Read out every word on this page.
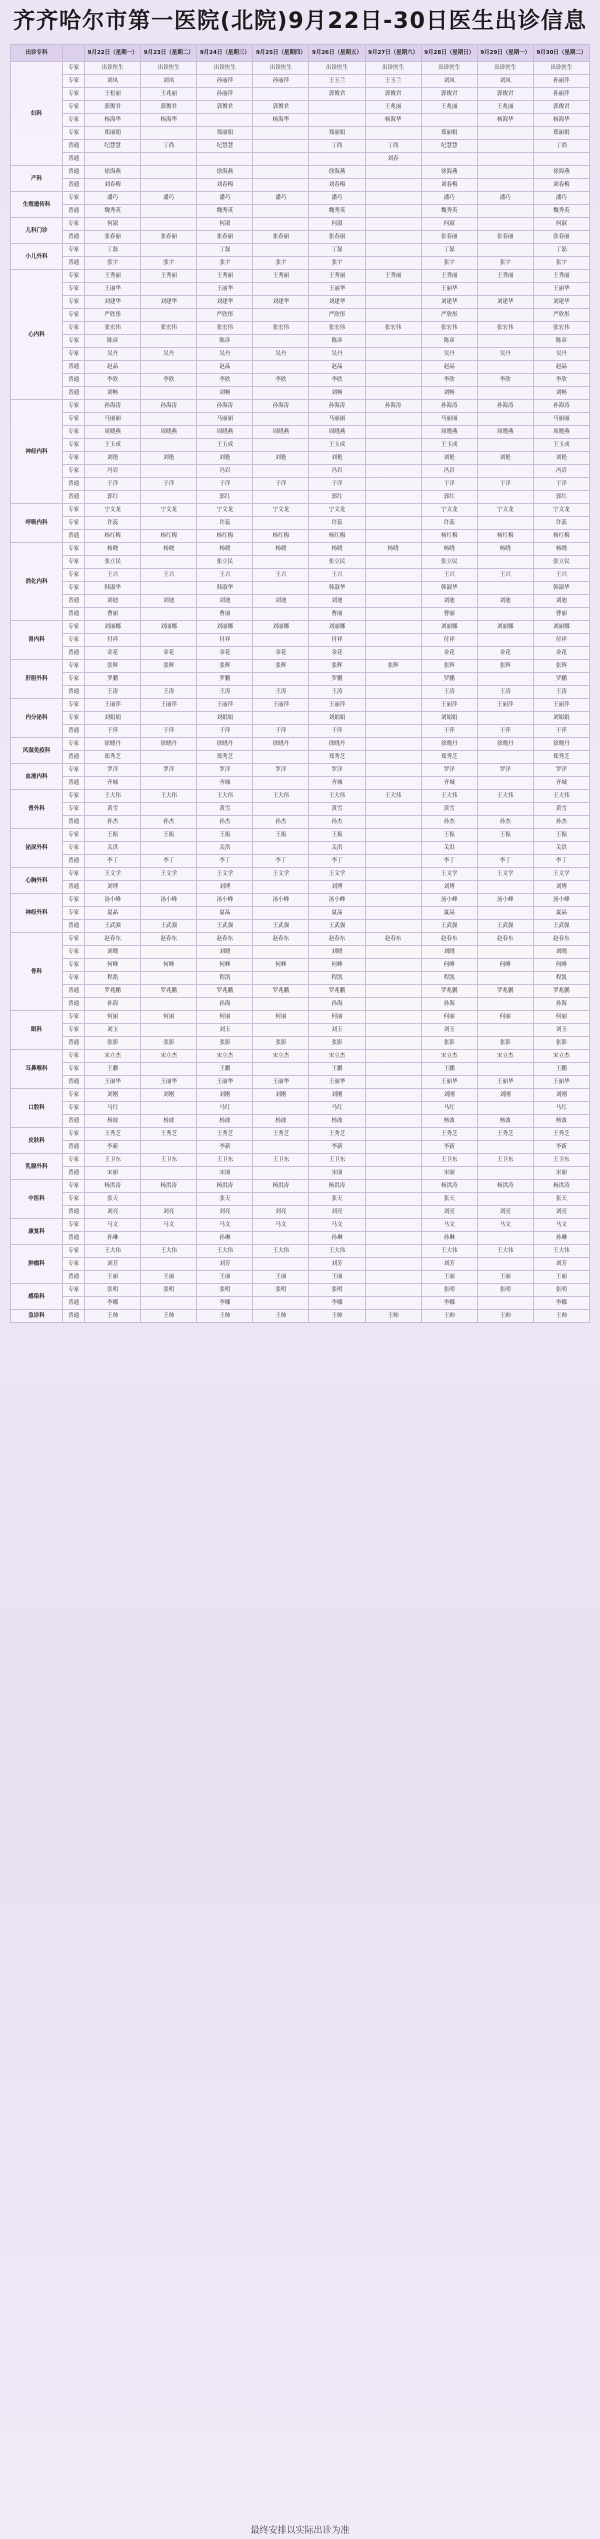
齐齐哈尔市第一医院(北院)9月22日-30日医生出诊信息
出诊专科		9月22日（星期一）	9月23日（星期二）	9月24日（星期三）	9月25日（星期四）	9月26日（星期五）	9月27日（星期六）	9月28日（星期日）	9月29日（星期一）	9月30日（星期二）
妇科	专家	出诊医生	出诊医生	出诊医生	出诊医生	出诊医生	出诊医生	出诊医生	出诊医生	出诊医生
	专家	刘凤	刘凤	孙丽萍	孙丽萍	王玉兰	王玉兰	刘凤	刘凤	孙丽萍
	专家	王松丽	王兆丽	孙丽萍		郭俊君	郭俊君	郭俊君	郭俊君	孙丽萍
	专家	郭俊君	郭俊君	郭俊君	郭俊君		王兆丽	王兆丽	王兆丽	郭俊君
	专家	杨海华	杨海华		杨海华		杨海华		杨海华	杨海华
	专家	郑丽娟		郑丽娟		郑丽娟		郑丽娟		郑丽娟
	普通	纪慧慧	丁尚	纪慧慧		丁尚	丁尚	纪慧慧		丁尚
	普通						刘春			
产科	普通	徐海燕		徐海燕		徐海燕		徐海燕		徐海燕
	普通	刘春梅		刘春梅		刘春梅		刘春梅		刘春梅
生殖遗传科	专家	潘巧	潘巧	潘巧	潘巧	潘巧		潘巧	潘巧	潘巧
	普通	魏秀英		魏秀英		魏秀英		魏秀英		魏秀英
儿科门诊	专家	何淑		何淑		何淑		何淑		何淑
	普通	张春丽	张春丽	张春丽	张春丽	张春丽		张春丽	张春丽	张春丽
小儿外科	专家	丁磊		丁磊		丁磊		丁磊		丁磊
	普通	张宇	张宇	张宇	张宇	张宇		张宇	张宇	张宇
心内科	专家	王秀丽	王秀丽	王秀丽	王秀丽	王秀丽	王秀丽	王秀丽	王秀丽	王秀丽
	专家	王丽华		王丽华		王丽华		王丽华		王丽华
	专家	刘建华	刘建华	刘建华	刘建华	刘建华		刘建华	刘建华	刘建华
	专家	严欣彤		严欣彤		严欣彤		严欣彤		严欣彤
	专家	张宏伟	张宏伟	张宏伟	张宏伟	张宏伟	张宏伟	张宏伟	张宏伟	张宏伟
	专家	陈彦		陈彦		陈彦		陈彦		陈彦
	专家	吴丹	吴丹	吴丹	吴丹	吴丹		吴丹	吴丹	吴丹
	普通	赵晶		赵晶		赵晶		赵晶		赵晶
	普通	李欣	李欣	李欣	李欣	李欣		李欣	李欣	李欣
	普通	刘畅		刘畅		刘畅		刘畅		刘畅
神经内科	专家	孙海涛	孙海涛	孙海涛	孙海涛	孙海涛	孙海涛	孙海涛	孙海涛	孙海涛
	专家	马丽丽		马丽丽		马丽丽		马丽丽		马丽丽
	专家	周晓燕	周晓燕	周晓燕	周晓燕	周晓燕		周晓燕	周晓燕	周晓燕
	专家	王玉成		王玉成		王玉成		王玉成		王玉成
	专家	刘艳	刘艳	刘艳	刘艳	刘艳		刘艳	刘艳	刘艳
	专家	冯岩		冯岩		冯岩		冯岩		冯岩
	普通	于洋	于洋	于洋	于洋	于洋		于洋	于洋	于洋
	普通	郭红		郭红		郭红		郭红		郭红
呼吸内科	专家	宁文龙	宁文龙	宁文龙	宁文龙	宁文龙		宁文龙	宁文龙	宁文龙
	专家	许蕊		许蕊		许蕊		许蕊		许蕊
	普通	杨红梅	杨红梅	杨红梅	杨红梅	杨红梅		杨红梅	杨红梅	杨红梅
消化内科	专家	杨晓	杨晓	杨晓	杨晓	杨晓	杨晓	杨晓	杨晓	杨晓
	专家	张立民		张立民		张立民		张立民		张立民
	专家	王兴	王兴	王兴	王兴	王兴		王兴	王兴	王兴
	专家	韩淑华		韩淑华		韩淑华		韩淑华		韩淑华
	普通	刘迪	刘迪	刘迪	刘迪	刘迪		刘迪	刘迪	刘迪
	普通	曹丽		曹丽		曹丽		曹丽		曹丽
肾内科	专家	刘丽娜	刘丽娜	刘丽娜	刘丽娜	刘丽娜		刘丽娜	刘丽娜	刘丽娜
	专家	付祥		付祥		付祥		付祥		付祥
	普通	金花	金花	金花	金花	金花		金花	金花	金花
肝胆外科	专家	张辉	张辉	张辉	张辉	张辉	张辉	张辉	张辉	张辉
	专家	罗鹏		罗鹏		罗鹏		罗鹏		罗鹏
	普通	王涛	王涛	王涛	王涛	王涛		王涛	王涛	王涛
内分泌科	专家	王丽萍	王丽萍	王丽萍	王丽萍	王丽萍		王丽萍	王丽萍	王丽萍
	专家	刘娟娟		刘娟娟		刘娟娟		刘娟娟		刘娟娟
	普通	于萍	于萍	于萍	于萍	于萍		于萍	于萍	于萍
风湿免疫科	专家	徐晓丹	徐晓丹	徐晓丹	徐晓丹	徐晓丹		徐晓丹	徐晓丹	徐晓丹
	普通	郑秀芝		郑秀芝		郑秀芝		郑秀芝		郑秀芝
血液内科	专家	罗洋	罗洋	罗洋	罗洋	罗洋		罗洋	罗洋	罗洋
	普通	齐城		齐城		齐城		齐城		齐城
普外科	专家	王大伟	王大伟	王大伟	王大伟	王大伟	王大伟	王大伟	王大伟	王大伟
	专家	黄雪		黄雪		黄雪		黄雪		黄雪
	普通	孙杰	孙杰	孙杰	孙杰	孙杰		孙杰	孙杰	孙杰
泌尿外科	专家	王振	王振	王振	王振	王振		王振	王振	王振
	专家	关洪		关洪		关洪		关洪		关洪
	普通	李丁	李丁	李丁	李丁	李丁		李丁	李丁	李丁
心胸外科	专家	王文学	王文学	王文学	王文学	王文学		王文学	王文学	王文学
	普通	刘博		刘博		刘博		刘博		刘博
神经外科	专家	汤小峰	汤小峰	汤小峰	汤小峰	汤小峰		汤小峰	汤小峰	汤小峰
	专家	夏晶		夏晶		夏晶		夏晶		夏晶
	普通	王武强	王武强	王武强	王武强	王武强		王武强	王武强	王武强
骨科	专家	赵春东	赵春东	赵春东	赵春东	赵春东	赵春东	赵春东	赵春东	赵春东
	专家	刘晓		刘晓		刘晓		刘晓		刘晓
	专家	何峰	何峰	何峰	何峰	何峰		何峰	何峰	何峰
	专家	程凯		程凯		程凯		程凯		程凯
	普通	罗兆鹏	罗兆鹏	罗兆鹏	罗兆鹏	罗兆鹏		罗兆鹏	罗兆鹏	罗兆鹏
	普通	孙海		孙海		孙海		孙海		孙海
眼科	专家	何丽	何丽	何丽	何丽	何丽		何丽	何丽	何丽
	专家	刘玉		刘玉		刘玉		刘玉		刘玉
	普通	张影	张影	张影	张影	张影		张影	张影	张影
耳鼻喉科	专家	宋立杰	宋立杰	宋立杰	宋立杰	宋立杰		宋立杰	宋立杰	宋立杰
	专家	王鹏		王鹏		王鹏		王鹏		王鹏
	普通	王丽华	王丽华	王丽华	王丽华	王丽华		王丽华	王丽华	王丽华
口腔科	专家	刘刚	刘刚	刘刚	刘刚	刘刚		刘刚	刘刚	刘刚
	专家	马红		马红		马红		马红		马红
	普通	杨波	杨波	杨波	杨波	杨波		杨波	杨波	杨波
皮肤科	专家	王秀芝	王秀芝	王秀芝	王秀芝	王秀芝		王秀芝	王秀芝	王秀芝
	普通	李新		李新		李新		李新		李新
乳腺外科	专家	王卫东	王卫东	王卫东	王卫东	王卫东		王卫东	王卫东	王卫东
	普通	宋丽		宋丽		宋丽		宋丽		宋丽
中医科	专家	杨洪涛	杨洪涛	杨洪涛	杨洪涛	杨洪涛		杨洪涛	杨洪涛	杨洪涛
	专家	张天		张天		张天		张天		张天
	普通	刘亮	刘亮	刘亮	刘亮	刘亮		刘亮	刘亮	刘亮
康复科	专家	马文	马文	马文	马文	马文		马文	马文	马文
	普通	孙琳		孙琳		孙琳		孙琳		孙琳
肿瘤科	专家	王大伟	王大伟	王大伟	王大伟	王大伟		王大伟	王大伟	王大伟
	专家	刘芳		刘芳		刘芳		刘芳		刘芳
	普通	王丽	王丽	王丽	王丽	王丽		王丽	王丽	王丽
感染科	专家	张明	张明	张明	张明	张明		张明	张明	张明
	普通	李娜		李娜		李娜		李娜		李娜
急诊科	普通	王帅	王帅	王帅	王帅	王帅	王帅	王帅	王帅	王帅
最终安排以实际出诊为准
